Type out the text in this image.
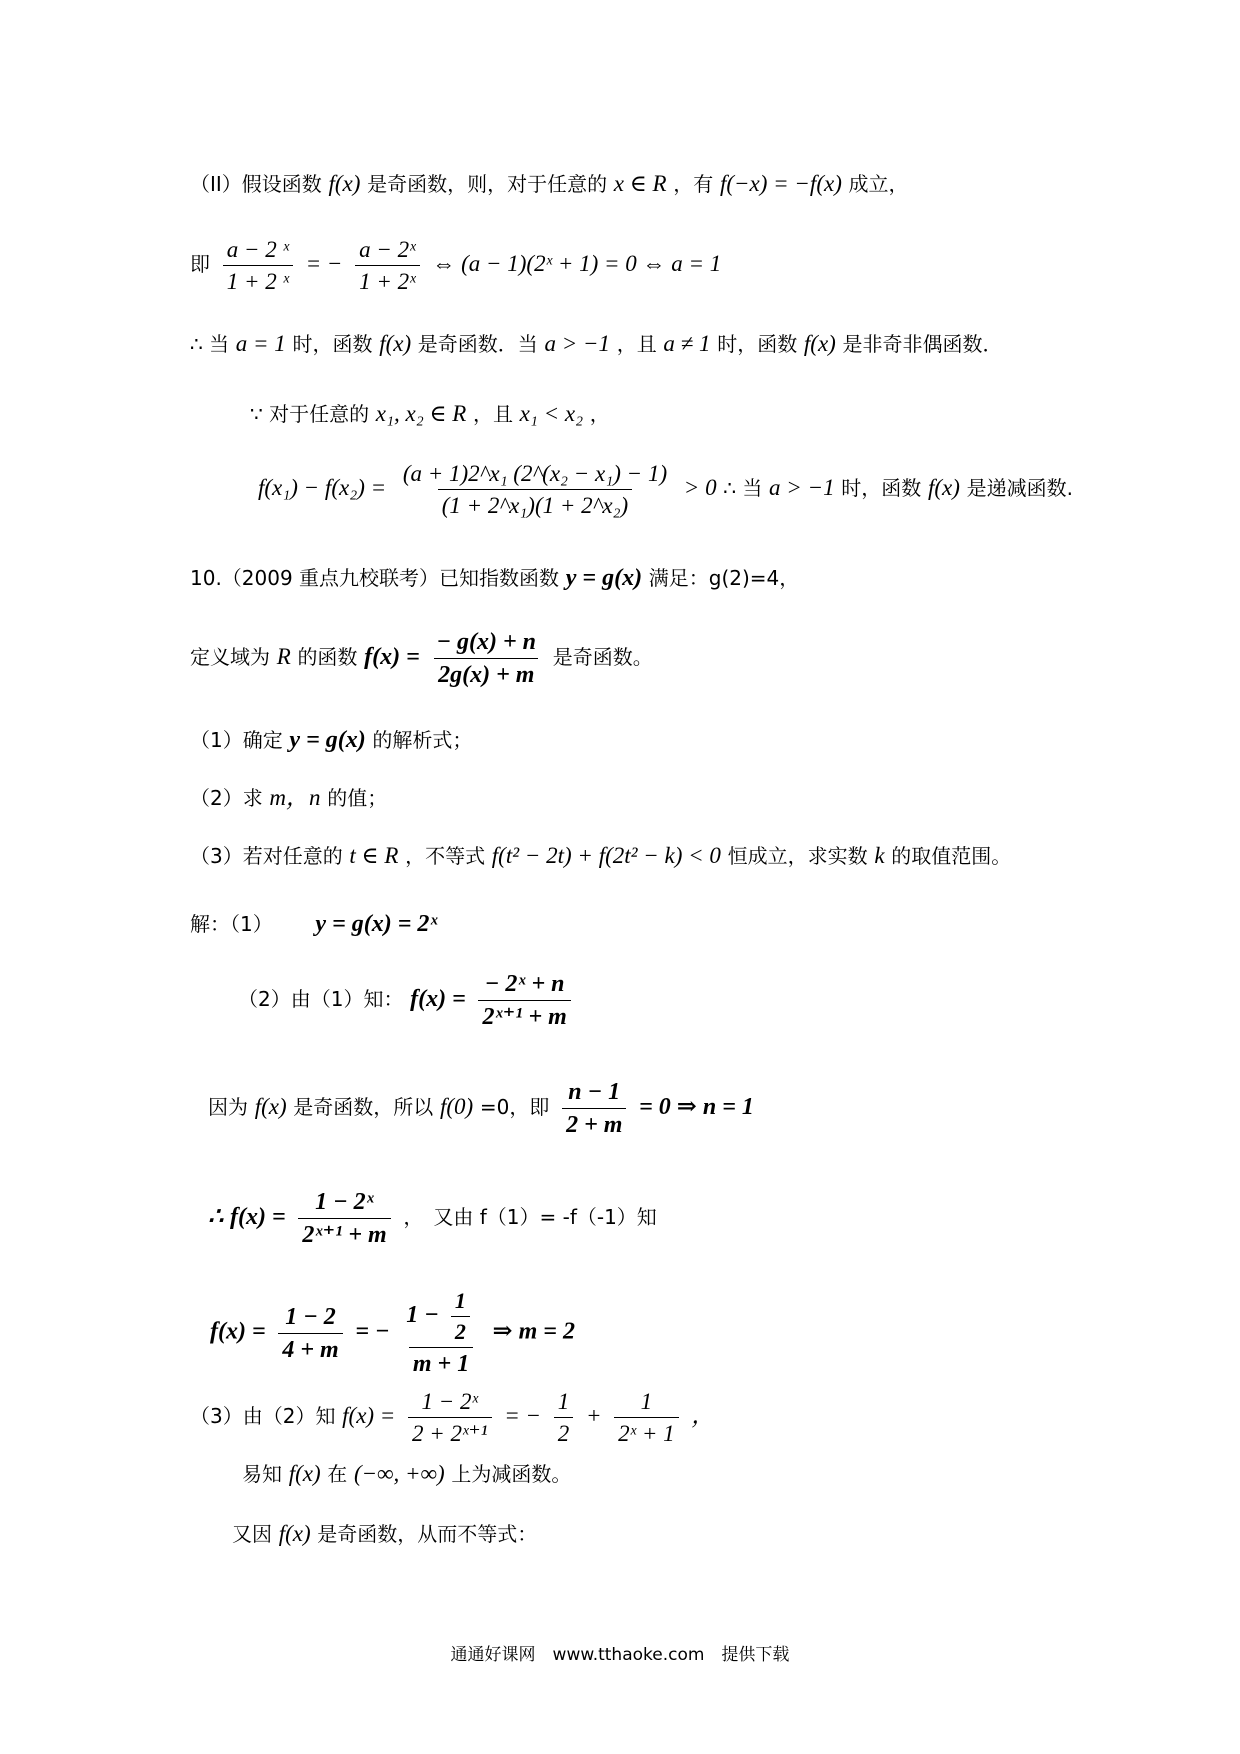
（II）假设函数 f(x) 是奇函数，则，对于任意的 x ∈ R ，有 f(−x) = −f(x) 成立，
即 $\frac{\text{a − 2 ˣ}}{\text{1 + 2 ˣ}}$ = − $\frac{\text{a − 2ˣ}}{\text{1 + 2ˣ}}$ ⇔ (a − 1)(2ˣ + 1) = 0 ⇔ a = 1
∴ 当 a = 1 时，函数 f(x) 是奇函数．当 a > −1 ，且 a ≠ 1 时，函数 f(x) 是非奇非偶函数．
∵ 对于任意的 x₁, x₂ ∈ R ，且 x₁ < x₂ ，
$f(x_1) - f(x_2) = \frac{\text{(a + 1)2\textasciicircum{}x₁ (2\textasciicircum{}(x₂ − x₁) − 1)}}{\text{(1 + 2\textasciicircum{}x₁)(1 + 2\textasciicircum{}x₂)}} > 0$ ∴ 当 a > −1 时，函数 f(x) 是递减函数.
10.（2009 重点九校联考）已知指数函数 y = g(x) 满足：g(2)=4，
定义域为 R 的函数 $f(x) = \frac{- g(x) + n}{2g(x) + m}$ 是奇函数。
（1）确定 y = g(x) 的解析式；
（2）求 m，n 的值；
（3）若对任意的 t ∈ R ，不等式 f(t² − 2t) + f(2t² − k) < 0 恒成立，求实数 k 的取值范围。
解：（1） y = g(x) = 2ˣ
（2）由（1）知： $f(x) = \frac{\text{− 2ˣ + n}}{\text{2ˣ⁺¹ + m}}$
因为 f(x) 是奇函数，所以 f(0) =0，即 $\frac{n - 1}{2 + m} = 0$ ⇒ n = 1
∴ $f(x) = \frac{\text{1 − 2ˣ}}{\text{2ˣ⁺¹ + m}}$ ，　又由 f（1）= -f（-1）知
$f(x) = \frac{1 - 2}{4 + m}$ = − $\frac{1 - \frac{1}{2}}{m + 1}$ ⇒ m = 2
（3）由（2）知 $f(x) = \frac{\text{1 − 2ˣ}}{\text{2 + 2ˣ⁺¹}}$ = − $\frac{1}{2} + \frac{1}{\text{2ˣ + 1}}$ ，
易知 f(x) 在 (−∞, +∞) 上为减函数。
又因 f(x) 是奇函数，从而不等式：
通通好课网　www.tthaoke.com　提供下载
